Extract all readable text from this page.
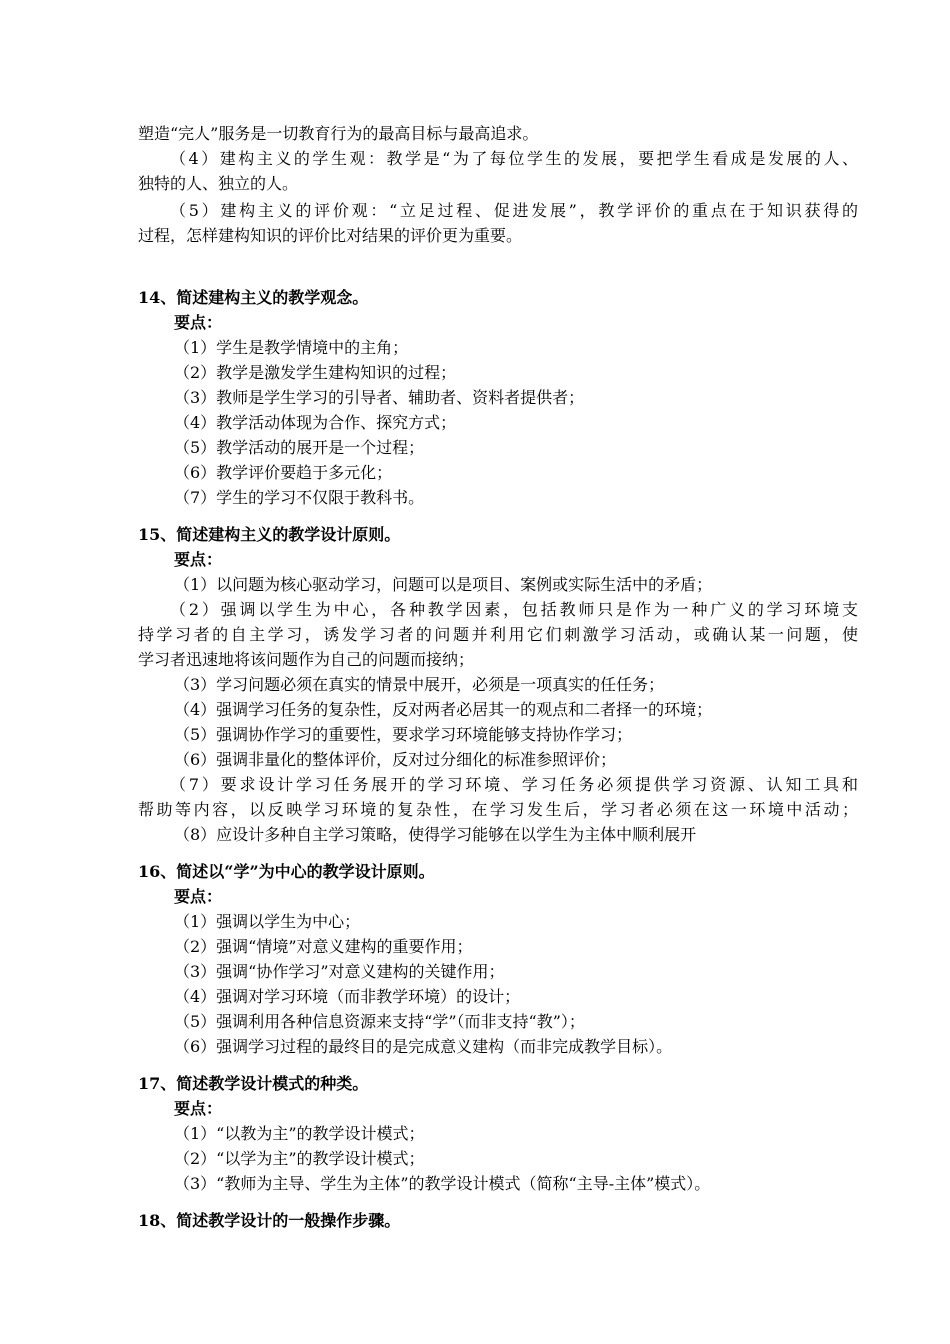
塑造“完人”服务是一切教育行为的最高目标与最高追求。
（4）建构主义的学生观：教学是“为了每位学生的发展，要把学生看成是发展的人、
独特的人、独立的人。
（5）建构主义的评价观：“立足过程、促进发展”，教学评价的重点在于知识获得的
过程，怎样建构知识的评价比对结果的评价更为重要。
14、简述建构主义的教学观念。
要点：
（1）学生是教学情境中的主角；
（2）教学是激发学生建构知识的过程；
（3）教师是学生学习的引导者、辅助者、资料者提供者；
（4）教学活动体现为合作、探究方式；
（5）教学活动的展开是一个过程；
（6）教学评价要趋于多元化；
（7）学生的学习不仅限于教科书。
15、简述建构主义的教学设计原则。
要点：
（1）以问题为核心驱动学习，问题可以是项目、案例或实际生活中的矛盾；
（2）强调以学生为中心，各种教学因素，包括教师只是作为一种广义的学习环境支
持学习者的自主学习，诱发学习者的问题并利用它们刺激学习活动，或确认某一问题，使
学习者迅速地将该问题作为自己的问题而接纳；
（3）学习问题必须在真实的情景中展开，必须是一项真实的任任务；
（4）强调学习任务的复杂性，反对两者必居其一的观点和二者择一的环境；
（5）强调协作学习的重要性，要求学习环境能够支持协作学习；
（6）强调非量化的整体评价，反对过分细化的标准参照评价；
（7）要求设计学习任务展开的学习环境、学习任务必须提供学习资源、认知工具和
帮助等内容，以反映学习环境的复杂性，在学习发生后，学习者必须在这一环境中活动；
（8）应设计多种自主学习策略，使得学习能够在以学生为主体中顺利展开
16、简述以“学”为中心的教学设计原则。
要点：
（1）强调以学生为中心；
（2）强调“情境”对意义建构的重要作用；
（3）强调“协作学习”对意义建构的关键作用；
（4）强调对学习环境（而非教学环境）的设计；
（5）强调利用各种信息资源来支持“学”（而非支持“教”）；
（6）强调学习过程的最终目的是完成意义建构（而非完成教学目标）。
17、简述教学设计模式的种类。
要点：
（1）“以教为主”的教学设计模式；
（2）“以学为主”的教学设计模式；
（3）“教师为主导、学生为主体”的教学设计模式（简称“主导-主体”模式）。
18、简述教学设计的一般操作步骤。
